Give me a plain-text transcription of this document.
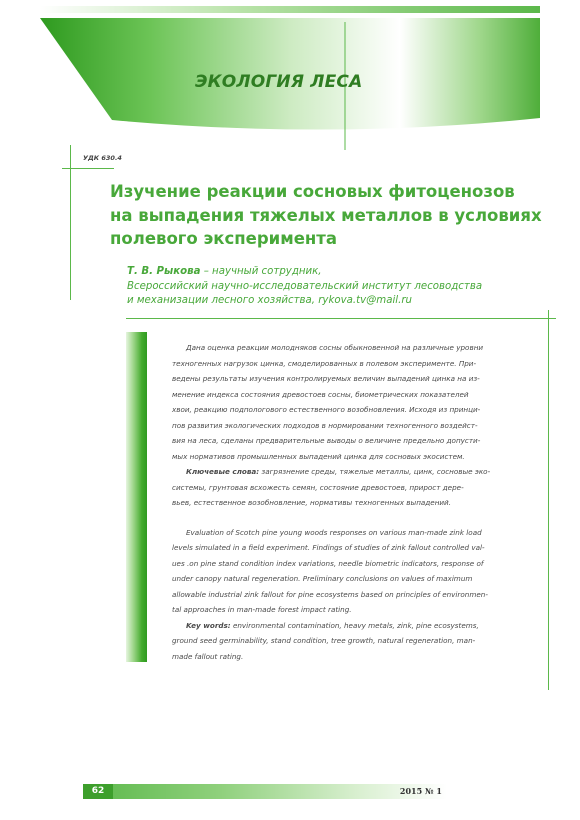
ЭКОЛОГИЯ ЛЕСА
УДК 630.4
Изучение реакции сосновых фитоценозов
на выпадения тяжелых металлов в условиях
полевого эксперимента
Т. В. Рыкова – научный сотрудник,
Всероссийский научно-исследовательский институт лесоводства
и механизации лесного хозяйства, rykova.tv@mail.ru

Дана оценка реакции молодняков сосны обыкновенной на различные уровни
техногенных нагрузок цинка, смоделированных в полевом эксперименте. При-
ведены результаты изучения контролируемых величин выпадений цинка на из-
менение индекса состояния древостоев сосны, биометрических показателей
хвои, реакцию подпологового естественного возобновления. Исходя из принци-
пов развития экологических подходов в нормировании техногенного воздейст-
вия на леса, сделаны предварительные выводы о величине предельно допусти-
мых нормативов промышленных выпадений цинка для сосновых экосистем.

Ключевые слова: загрязнение среды, тяжелые металлы, цинк, сосновые эко-
системы, грунтовая всхожесть семян, состояние древостоев, прирост дере-
вьев, естественное возобновление, нормативы техногенных выпадений.

Evaluation of Scotch pine young woods responses on various man-made zink load
levels simulated in a field experiment. Findings of studies of zink fallout controlled val-
ues .on pine stand condition index variations, needle biometric indicators, response of
under canopy natural regeneration. Preliminary conclusions on values of maximum
allowable industrial zink fallout for pine ecosystems based on principles of environmen-
tal approaches in man-made forest impact rating.

Key words: environmental contamination, heavy metals, zink, pine ecosystems,
ground seed germinability, stand condition, tree growth, natural regeneration, man-
made fallout rating.

62	2015 № 1
